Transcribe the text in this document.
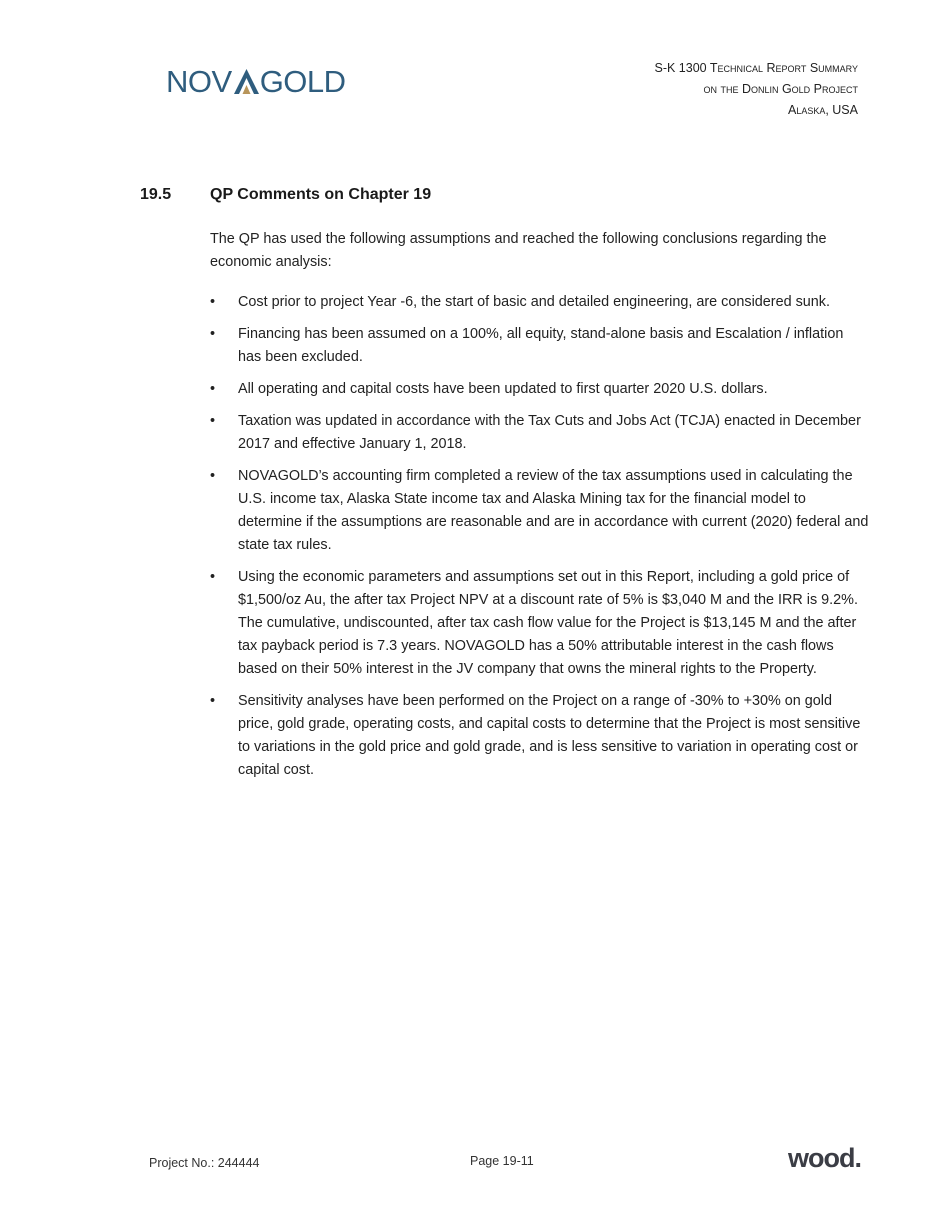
NOV GOLD	S-K 1300 Technical Report Summary
on the Donlin Gold Project
Alaska, USA
19.5 QP Comments on Chapter 19

The QP has used the following assumptions and reached the following conclusions regarding the economic analysis:

• Cost prior to project Year -6, the start of basic and detailed engineering, are considered sunk.
• Financing has been assumed on a 100%, all equity, stand-alone basis and Escalation / inflation has been excluded.
• All operating and capital costs have been updated to first quarter 2020 U.S. dollars.
• Taxation was updated in accordance with the Tax Cuts and Jobs Act (TCJA) enacted in December 2017 and effective January 1, 2018.
• NOVAGOLD’s accounting firm completed a review of the tax assumptions used in calculating the U.S. income tax, Alaska State income tax and Alaska Mining tax for the financial model to determine if the assumptions are reasonable and are in accordance with current (2020) federal and state tax rules.
• Using the economic parameters and assumptions set out in this Report, including a gold price of $1,500/oz Au, the after tax Project NPV at a discount rate of 5% is $3,040 M and the IRR is 9.2%. The cumulative, undiscounted, after tax cash flow value for the Project is $13,145 M and the after tax payback period is 7.3 years. NOVAGOLD has a 50% attributable interest in the cash flows based on their 50% interest in the JV company that owns the mineral rights to the Property.
• Sensitivity analyses have been performed on the Project on a range of -30% to +30% on gold price, gold grade, operating costs, and capital costs to determine that the Project is most sensitive to variations in the gold price and gold grade, and is less sensitive to variation in operating cost or capital cost.
Project No.: 244444	Page 19-11	wood.
